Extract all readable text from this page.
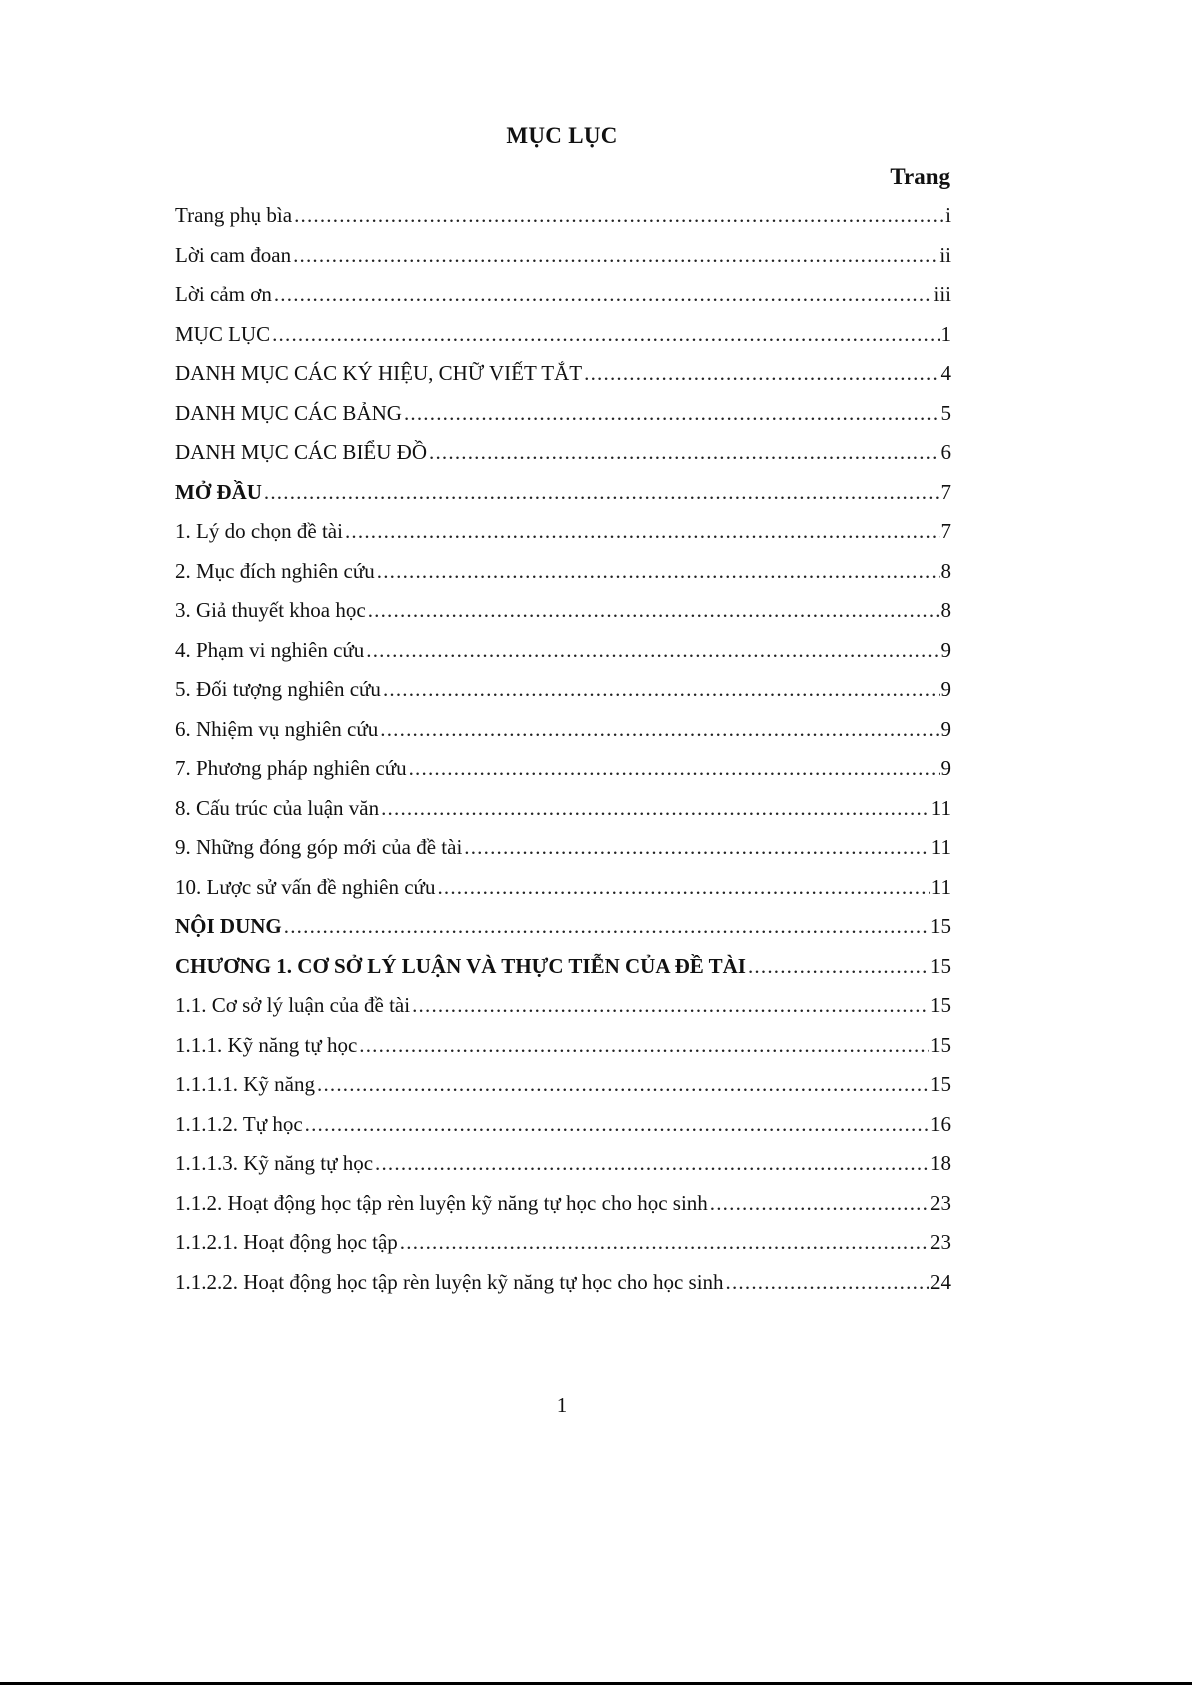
MỤC LỤC
Trang
Trang phụ bìa .....	i
Lời cam đoan .....	ii
Lời cảm ơn .....	iii
MỤC LỤC .....	1
DANH MỤC CÁC KÝ HIỆU, CHỮ VIẾT TẮT .....	4
DANH MỤC CÁC BẢNG .....	5
DANH MỤC CÁC BIỂU ĐỒ .....	6
MỞ ĐẦU .....	7
1. Lý do chọn đề tài .....	7
2. Mục đích nghiên cứu .....	8
3. Giả thuyết khoa học .....	8
4. Phạm vi nghiên cứu .....	9
5. Đối tượng nghiên cứu .....	9
6. Nhiệm vụ nghiên cứu .....	9
7. Phương pháp nghiên cứu .....	9
8. Cấu trúc của luận văn .....	11
9. Những đóng góp mới của đề tài .....	11
10. Lược sử vấn đề nghiên cứu .....	11
NỘI DUNG .....	15
CHƯƠNG 1. CƠ SỞ LÝ LUẬN VÀ THỰC TIỄN CỦA ĐỀ TÀI .....	15
1.1. Cơ sở lý luận của đề tài .....	15
1.1.1. Kỹ năng tự học .....	15
1.1.1.1. Kỹ năng .....	15
1.1.1.2. Tự học .....	16
1.1.1.3. Kỹ năng tự học .....	18
1.1.2. Hoạt động học tập rèn luyện kỹ năng tự học cho học sinh .....	23
1.1.2.1. Hoạt động học tập .....	23
1.1.2.2. Hoạt động học tập rèn luyện kỹ năng tự học cho học sinh .....	24
1
